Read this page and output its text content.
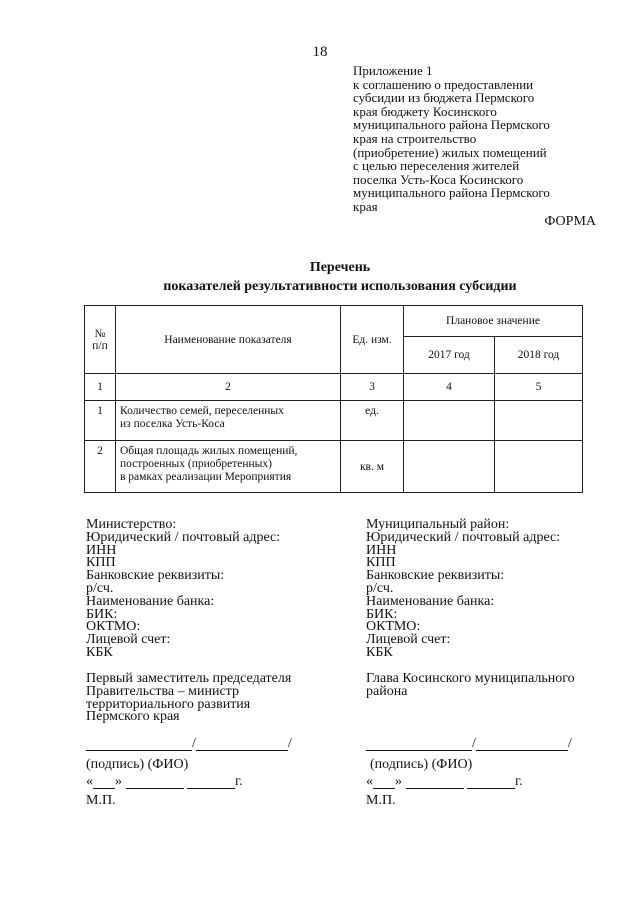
18
Приложение 1
к соглашению о предоставлении
субсидии из бюджета Пермского
края бюджету Косинского
муниципального района Пермского
края на строительство
(приобретение) жилых помещений
с целью переселения жителей
поселка Усть-Коса Косинского
муниципального района Пермского
края
ФОРМА
Перечень
показателей результативности использования субсидии
№
п/п	Наименование показателя	Ед. изм.	Плановое значение	
			2017 год	2018 год
1	2	3	4	5
1	Количество семей, переселенных
из поселка Усть-Коса	ед.		
2	Общая площадь жилых помещений,
построенных (приобретенных)
в рамках реализации Мероприятия	кв. м		
Министерство:
Юридический / почтовый адрес:
ИНН
КПП
Банковские реквизиты:
р/сч.
Наименование банка:
БИК:
ОКТМО:
Лицевой счет:
КБК
Первый заместитель председателя
Правительства – министр
территориального развития
Пермского края
/	/
(подпись) (ФИО)
« »	г.
М.П.
Муниципальный район:
Юридический / почтовый адрес:
ИНН
КПП
Банковские реквизиты:
р/сч.
Наименование банка:
БИК:
ОКТМО:
Лицевой счет:
КБК
Глава Косинского муниципального
района
/	/
(подпись) (ФИО)
« »	г.
М.П.
